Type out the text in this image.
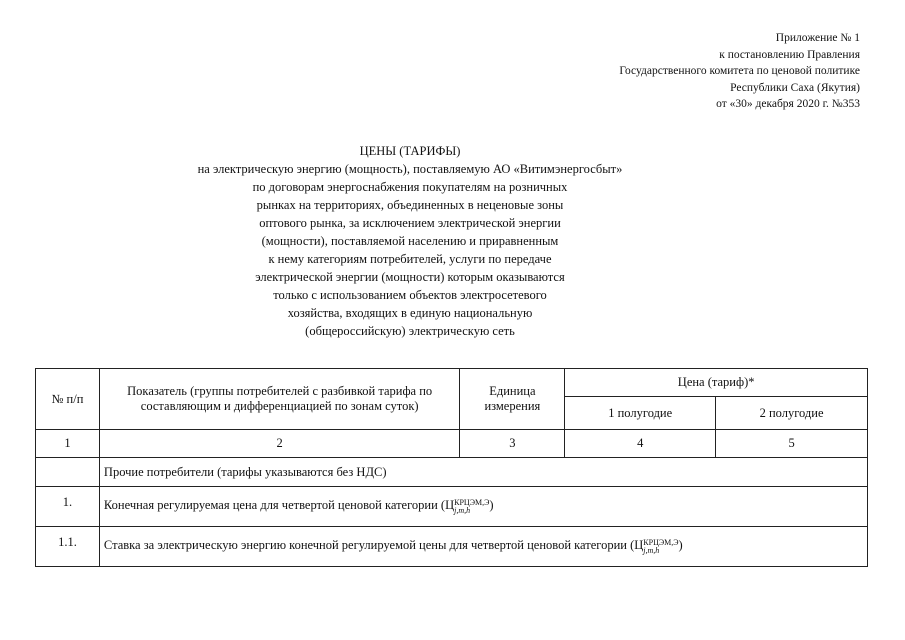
Приложение № 1
к постановлению Правления
Государственного комитета по ценовой политике
Республики Саха (Якутия)
от «30» декабря 2020 г. №353
ЦЕНЫ (ТАРИФЫ)
на электрическую энергию (мощность), поставляемую АО «Витимэнергосбыт»
по договорам энергоснабжения покупателям на розничных
рынках на территориях, объединенных в неценовые зоны
оптового рынка, за исключением электрической энергии
(мощности), поставляемой населению и приравненным
к нему категориям потребителей, услуги по передаче
электрической энергии (мощности) которым оказываются
только с использованием объектов электросетевого
хозяйства, входящих в единую национальную
(общероссийскую) электрическую сеть
№ п/п	Показатель (группы потребителей с разбивкой тарифа по составляющим и дифференциацией по зонам суток)	Единица измерения	Цена (тариф)*	
			1 полугодие	2 полугодие
1	2	3	4	5
	Прочие потребители (тарифы указываются без НДС)			
1.	Конечная регулируемая цена для четвертой ценовой категории (Ц КРЦЭМ,Э
j,m,h )			
1.1.	Ставка за электрическую энергию конечной регулируемой цены для четвертой ценовой категории (Ц КРЦЭМ,Э
j,m,h )			
